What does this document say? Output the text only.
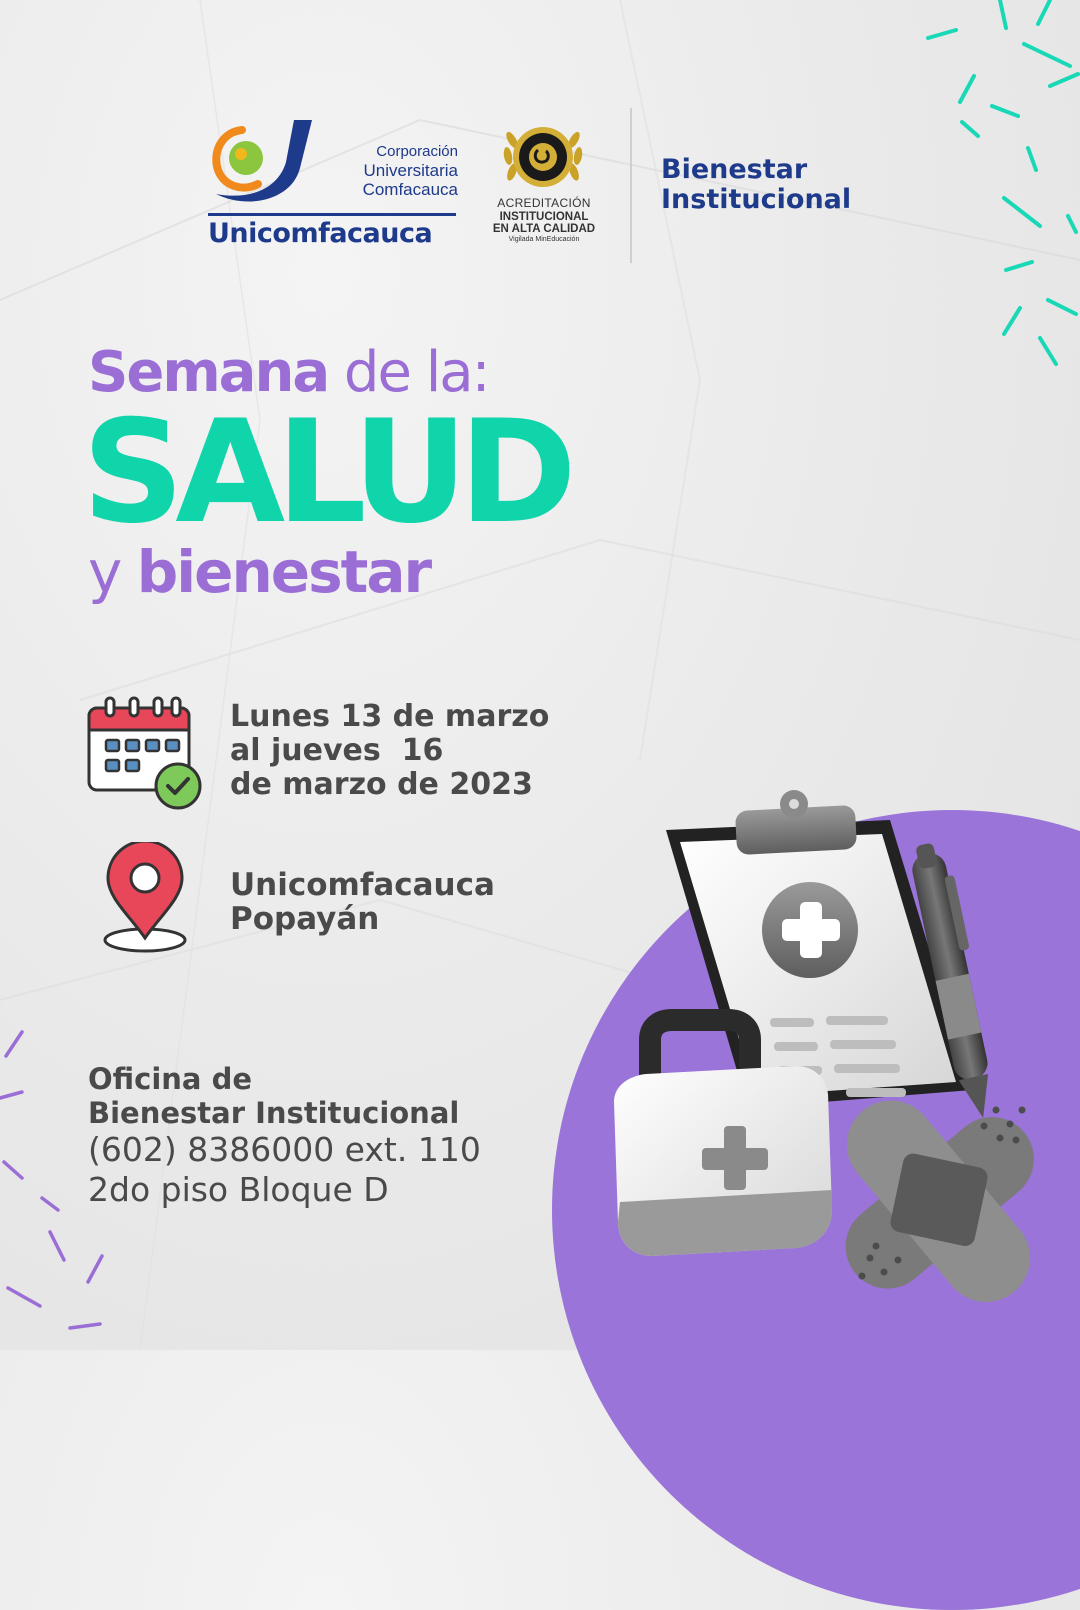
Corporación
Universitaria
Comfacauca
Unicomfacauca
ACREDITACIÓN
INSTITUCIONAL
EN ALTA CALIDAD
Vigilada MinEducación
Bienestar
Institucional
Semana de la:
SALUD
y bienestar
Lunes 13 de marzo
al jueves  16
de marzo de 2023
Unicomfacauca
Popayán
Oficina de
Bienestar Institucional
(602) 8386000 ext. 110
2do piso Bloque D
